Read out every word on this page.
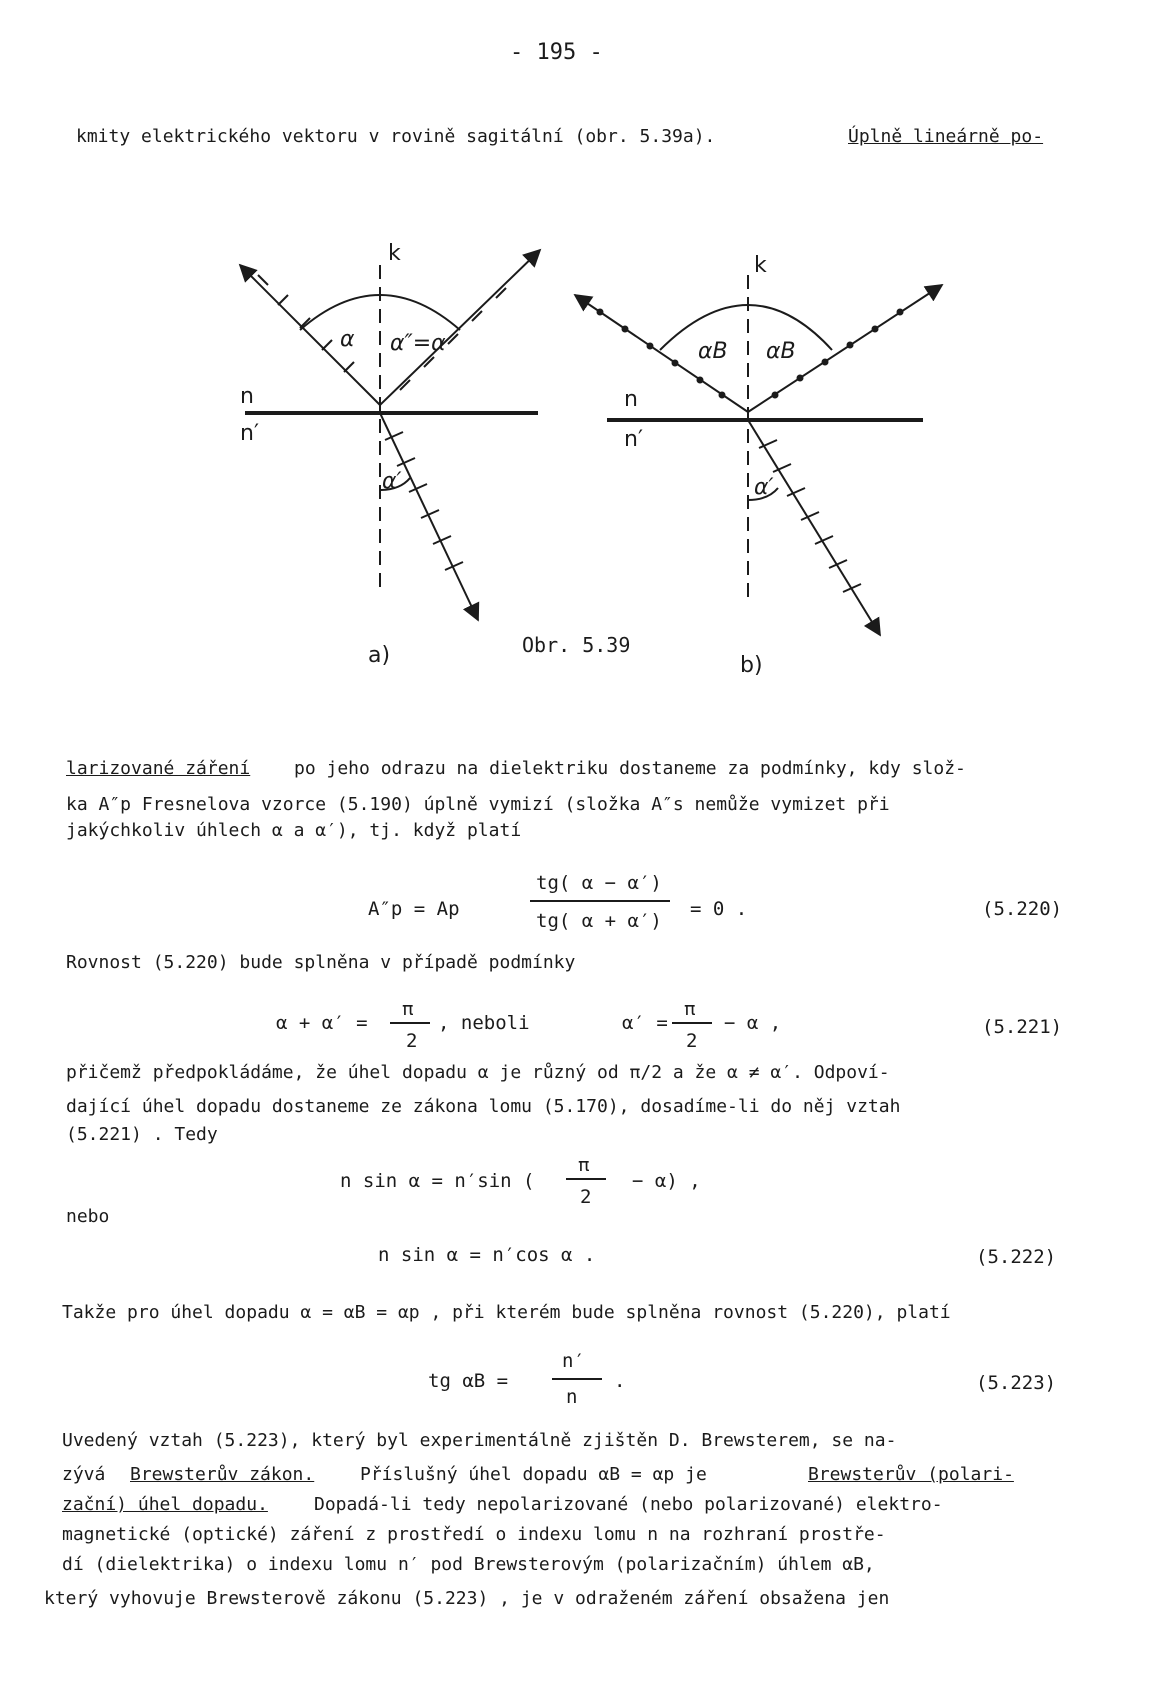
- 195 -
kmity elektrického vektoru v rovině sagitální (obr. 5.39a).	Úplně lineárně po-
k	k
n
n′
n
n′
α α″=α
α′
αB αB
α′
a)	b)
Obr. 5.39
larizované záření po jeho odrazu na dielektriku dostaneme za podmínky, kdy slož-
ka A″p Fresnelova vzorce (5.190) úplně vymizí (složka A″s nemůže vymizet při
jakýchkoliv úhlech α a α′), tj. když platí
A″p = Ap
tg( α − α′)
tg( α + α′)
= 0 .	(5.220)
Rovnost (5.220) bude splněna v případě podmínky
α + α′ =
π
2
, neboli	α′ =
π
2
− α ,	(5.221)
přičemž předpokládáme, že úhel dopadu α je různý od π/2 a že α ≠ α′. Odpoví-
dající úhel dopadu dostaneme ze zákona lomu (5.170), dosadíme-li do něj vztah
(5.221) . Tedy
n sin α = n′sin (
π
2
− α) ,
nebo
n sin α = n′cos α .	(5.222)
Takže pro úhel dopadu α = αB = αp , při kterém bude splněna rovnost (5.220), platí
tg αB =
n′
n
.	(5.223)
Uvedený vztah (5.223), který byl experimentálně zjištěn D. Brewsterem, se na-
zývá Brewsterův zákon.	Příslušný úhel dopadu αB = αp je	Brewsterův (polari-
zační) úhel dopadu.	Dopadá-li tedy nepolarizované (nebo polarizované) elektro-
magnetické (optické) záření z prostředí o indexu lomu n na rozhraní prostře-
dí (dielektrika) o indexu lomu n′ pod Brewsterovým (polarizačním) úhlem αB,
který vyhovuje Brewsterově zákonu (5.223) , je v odraženém záření obsažena jen
